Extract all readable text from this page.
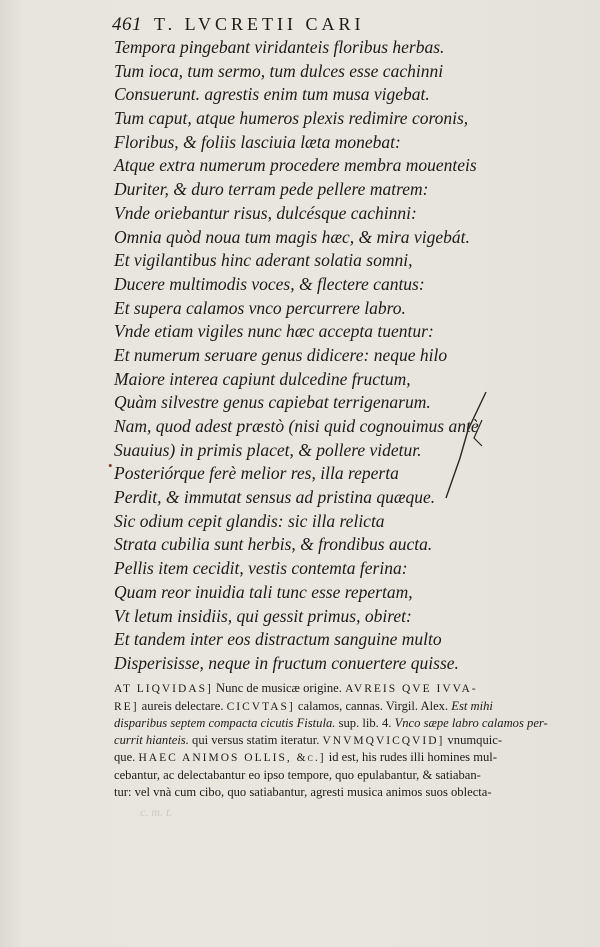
461 T. LVCRETII CARI
Tempora pingebant viridanteis floribus herbas.
Tum ioca, tum sermo, tum dulces esse cachinni
Consuerunt. agrestis enim tum musa vigebat.
Tum caput, atque humeros plexis redimire coronis,
Floribus, & foliis lasciuia læta monebat:
Atque extra numerum procedere membra mouenteis
Duriter, & duro terram pede pellere matrem:
Vnde oriebantur risus, dulcésque cachinni:
Omnia quòd noua tum magis hæc, & mira vigebát.
Et vigilantibus hinc aderant solatia somni,
Ducere multimodis voces, & flectere cantus:
Et supera calamos vnco percurrere labro.
Vnde etiam vigiles nunc hæc accepta tuentur:
Et numerum seruare genus didicere: neque hilo
Maiore interea capiunt dulcedine fructum,
Quàm silvestre genus capiebat terrigenarum.
Nam, quod adest præstò (nisi quid cognouimus antè
Suauius) in primis placet, & pollere videtur.
Posteriórque ferè melior res, illa reperta
Perdit, & immutat sensus ad pristina quæque.
Sic odium cepit glandis: sic illa relicta
Strata cubilia sunt herbis, & frondibus aucta.
Pellis item cecidit, vestis contemta ferina:
Quam reor inuidia tali tunc esse repertam,
Vt letum insidiis, qui gessit primus, obiret:
Et tandem inter eos distractum sanguine multo
Disperisisse, neque in fructum conuertere quisse.
•
AT LIQVIDAS] Nunc de musicæ origine. AVREIS QVE IVVA-
RE] aureis delectare. CICVTAS] calamos, cannas. Virgil. Alex. Est mihi
disparibus septem compacta cicutis Fistula. sup. lib. 4. Vnco sæpe labro calamos per-
currit hianteis. qui versus statim iteratur. VNVMQVICQVID] vnumquic-
que. HAEC ANIMOS OLLIS, &c.] id est, his rudes illi homines mul-
cebantur, ac delectabantur eo ipso tempore, quo epulabantur, & satiaban-
tur: vel vnà cum cibo, quo satiabantur, agresti musica animos suos oblecta-
c. m. t.
